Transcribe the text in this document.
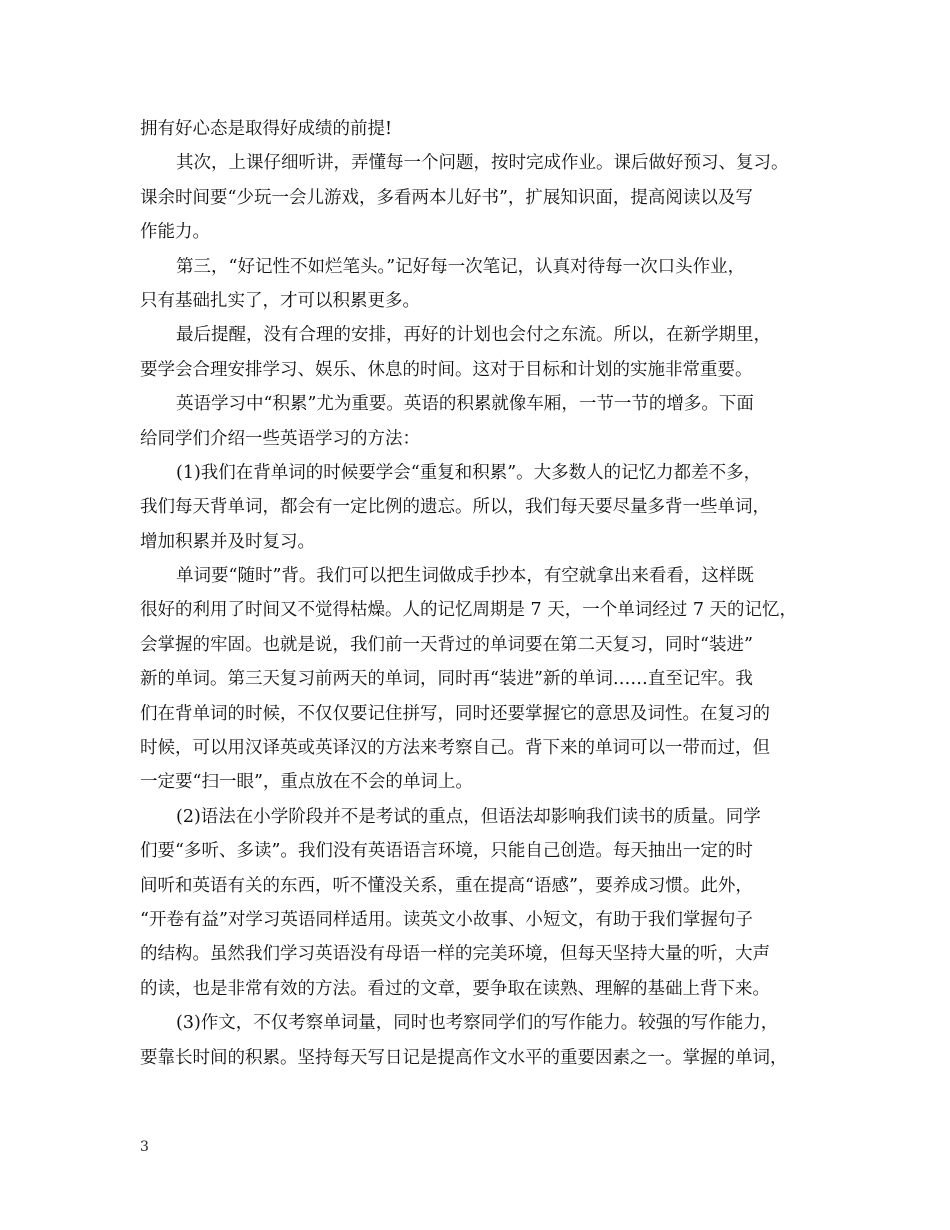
拥有好心态是取得好成绩的前提!
其次，上课仔细听讲，弄懂每一个问题，按时完成作业。课后做好预习、复习。
课余时间要“少玩一会儿游戏，多看两本儿好书”，扩展知识面，提高阅读以及写
作能力。
第三，“好记性不如烂笔头。”记好每一次笔记，认真对待每一次口头作业，
只有基础扎实了，才可以积累更多。
最后提醒，没有合理的安排，再好的计划也会付之东流。所以，在新学期里，
要学会合理安排学习、娱乐、休息的时间。这对于目标和计划的实施非常重要。
英语学习中“积累”尤为重要。英语的积累就像车厢，一节一节的增多。下面
给同学们介绍一些英语学习的方法：
(1)我们在背单词的时候要学会“重复和积累”。大多数人的记忆力都差不多，
我们每天背单词，都会有一定比例的遗忘。所以，我们每天要尽量多背一些单词，
增加积累并及时复习。
单词要“随时”背。我们可以把生词做成手抄本，有空就拿出来看看，这样既
很好的利用了时间又不觉得枯燥。人的记忆周期是 7 天，一个单词经过 7 天的记忆，
会掌握的牢固。也就是说，我们前一天背过的单词要在第二天复习，同时“装进”
新的单词。第三天复习前两天的单词，同时再“装进”新的单词……直至记牢。我
们在背单词的时候，不仅仅要记住拼写，同时还要掌握它的意思及词性。在复习的
时候，可以用汉译英或英译汉的方法来考察自己。背下来的单词可以一带而过，但
一定要“扫一眼”，重点放在不会的单词上。
(2)语法在小学阶段并不是考试的重点，但语法却影响我们读书的质量。同学
们要“多听、多读”。我们没有英语语言环境，只能自己创造。每天抽出一定的时
间听和英语有关的东西，听不懂没关系，重在提高“语感”，要养成习惯。此外，
“开卷有益”对学习英语同样适用。读英文小故事、小短文，有助于我们掌握句子
的结构。虽然我们学习英语没有母语一样的完美环境，但每天坚持大量的听，大声
的读，也是非常有效的方法。看过的文章，要争取在读熟、理解的基础上背下来。
(3)作文，不仅考察单词量，同时也考察同学们的写作能力。较强的写作能力，
要靠长时间的积累。坚持每天写日记是提高作文水平的重要因素之一。掌握的单词，
3
